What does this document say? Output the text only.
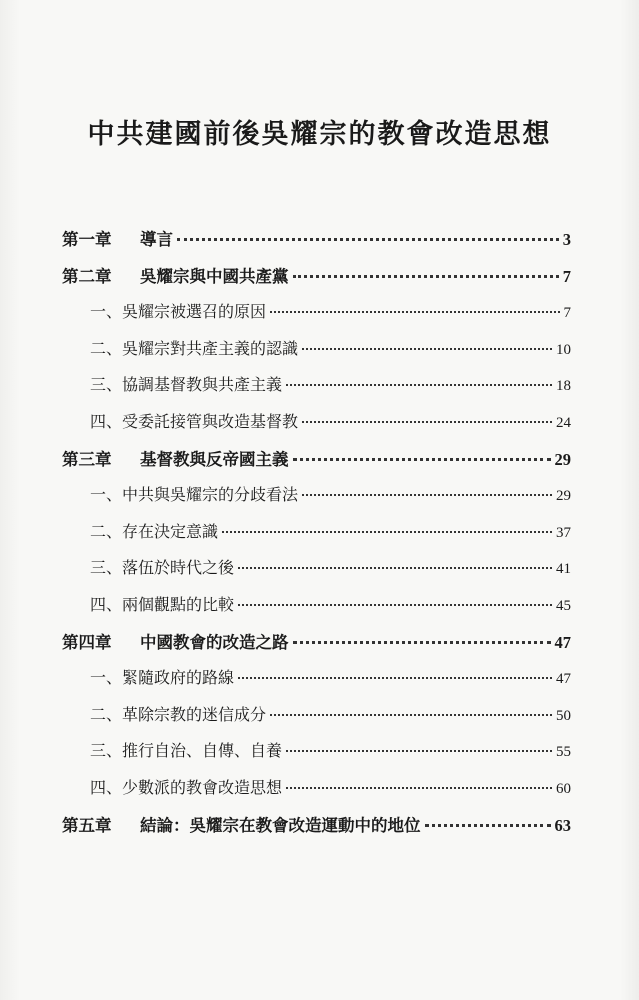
中共建國前後吳耀宗的教會改造思想
第一章 導言	3
第二章 吳耀宗與中國共產黨	7
一、吳耀宗被選召的原因	7
二、吳耀宗對共產主義的認識	10
三、協調基督教與共產主義	18
四、受委託接管與改造基督教	24
第三章 基督教與反帝國主義	29
一、中共與吳耀宗的分歧看法	29
二、存在決定意識	37
三、落伍於時代之後	41
四、兩個觀點的比較	45
第四章 中國教會的改造之路	47
一、緊隨政府的路線	47
二、革除宗教的迷信成分	50
三、推行自治、自傳、自養	55
四、少數派的教會改造思想	60
第五章 結論：吳耀宗在教會改造運動中的地位	63
